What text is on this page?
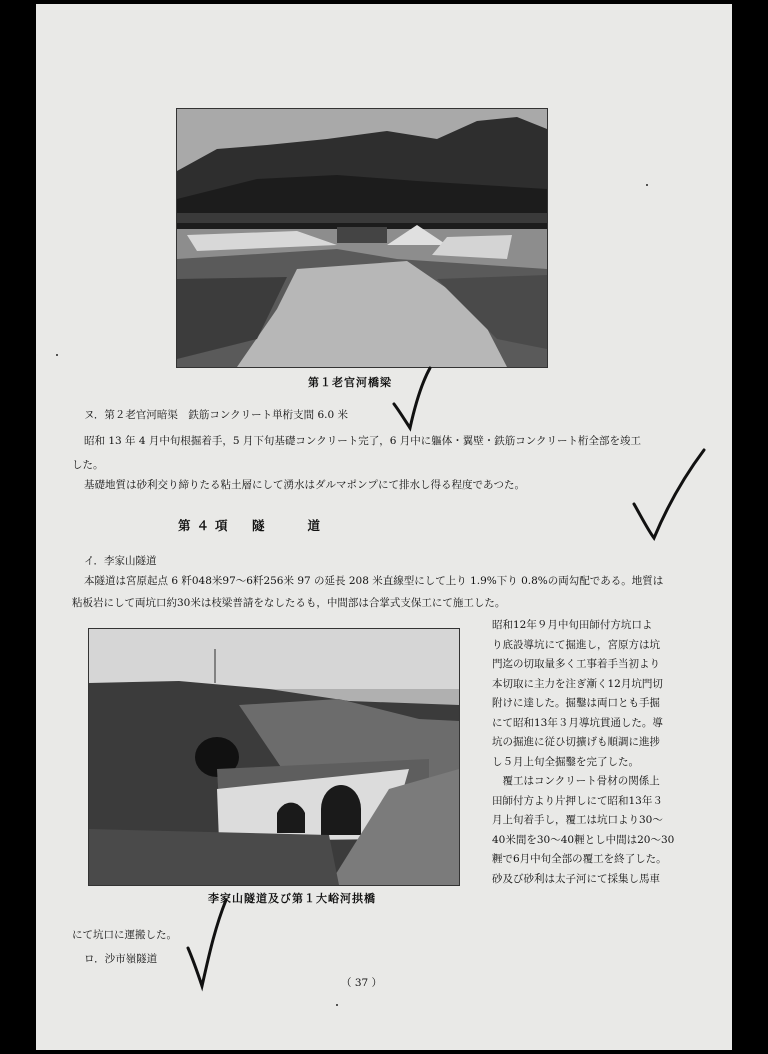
第１老官河橋梁
ヌ．第２老官河暗渠　鉄筋コンクリート単桁支間 6.0 米
昭和 13 年 4 月中旬根掘着手，5 月下旬基礎コンクリート完了，6 月中に軀体・翼壁・鉄筋コンクリート桁全部を竣工
した。
基礎地質は砂利交り締りたる粘土層にして湧水はダルマポンプにて排水し得る程度であつた。
第４項　隧　　道
イ．李家山隧道
本隧道は宮原起点 6 粁048米97〜6粁256米 97 の延長 208 米直線型にして上り 1.9%下り 0.8%の両勾配である。地質は
粘板岩にして両坑口約30米は枝梁普請をなしたるも，中間部は合掌式支保工にて施工した。
李家山隧道及び第１大峪河拱橋
昭和12年９月中旬田師付方坑口よ
り底設導坑にて掘進し，宮原方は坑
門迄の切取量多く工事着手当初より
本切取に主力を注ぎ漸く12月坑門切
附けに達した。掘鑿は両口とも手掘
にて昭和13年３月導坑貫通した。導
坑の掘進に従ひ切擴げも順調に進捗
し５月上旬全掘鑿を完了した。
　覆工はコンクリート骨材の関係上
田師付方より片押しにて昭和13年３
月上旬着手し，覆工は坑口より30〜
40米間を30〜40糎とし中間は20〜30
糎で6月中旬全部の覆工を終了した。
砂及び砂利は太子河にて採集し馬車
にて坑口に運搬した。
ロ．沙市嶺隧道
（ 37 ）
